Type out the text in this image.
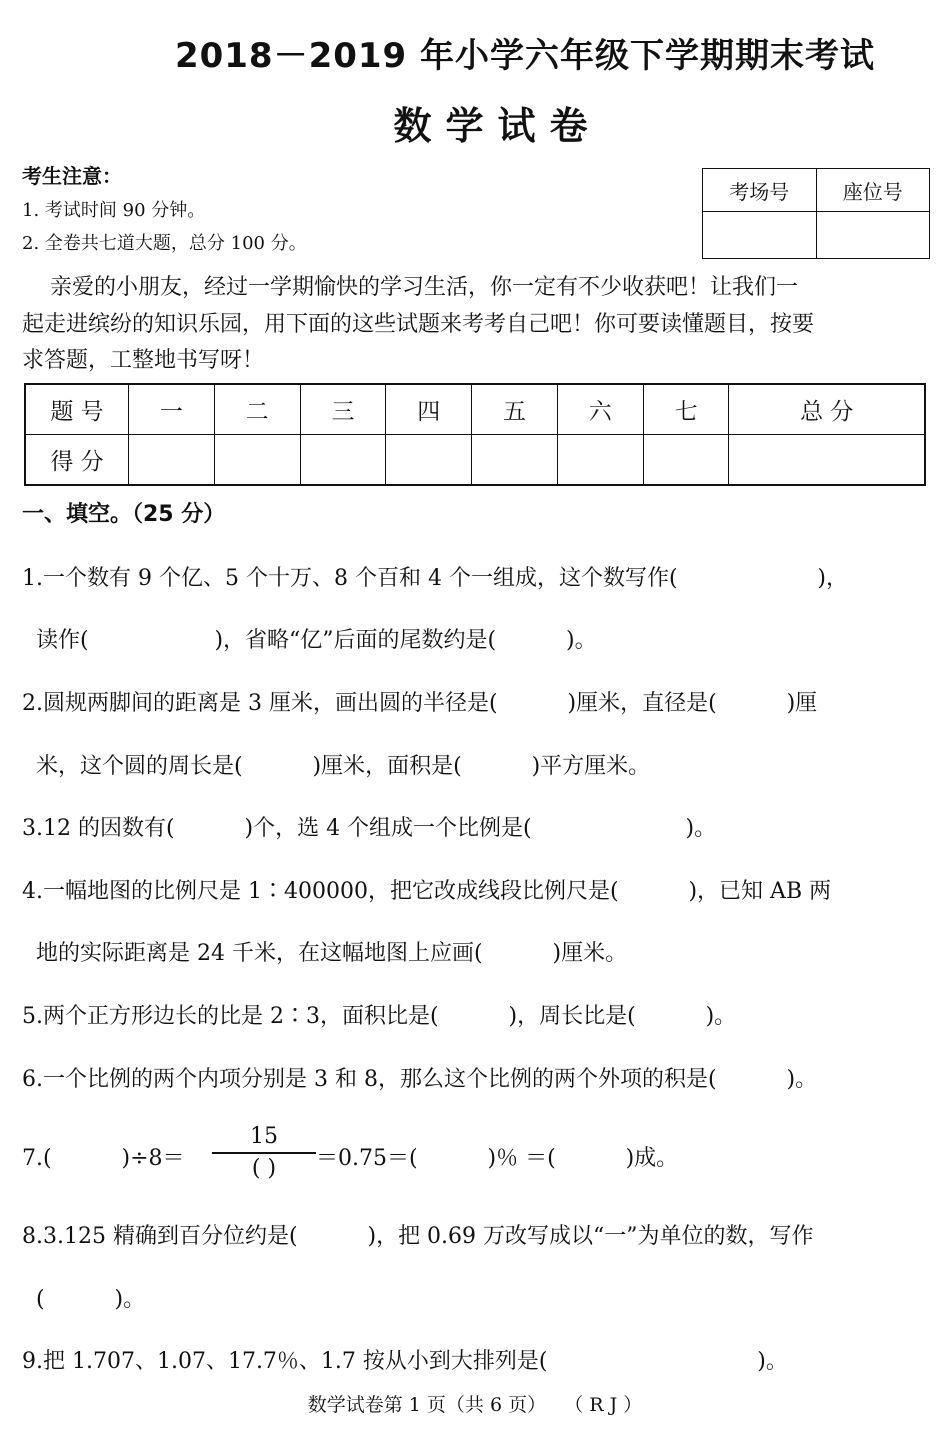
2018－2019 年小学六年级下学期期末考试
数学试卷
考生注意：
1. 考试时间 90 分钟。
2. 全卷共七道大题，总分 100 分。
考场号	座位号

亲爱的小朋友，经过一学期愉快的学习生活，你一定有不少收获吧！让我们一
起走进缤纷的知识乐园，用下面的这些试题来考考自己吧！你可要读懂题目，按要
求答题，工整地书写呀！
题 号	一	二	三	四	五	六	七	总 分
得 分								
一、填空。（25 分）
1.一个数有 9 个亿、5 个十万、8 个百和 4 个一组成，这个数写作(                    )，
读作(                  )，省略“亿”后面的尾数约是(          )。
2.圆规两脚间的距离是 3 厘米，画出圆的半径是(          )厘米，直径是(          )厘
米，这个圆的周长是(          )厘米，面积是(          )平方厘米。
3.12 的因数有(          )个，选 4 个组成一个比例是(                      )。
4.一幅地图的比例尺是 1∶400000，把它改成线段比例尺是(          )，已知 AB 两
地的实际距离是 24 千米，在这幅地图上应画(          )厘米。
5.两个正方形边长的比是 2∶3，面积比是(          )，周长比是(          )。
6.一个比例的两个内项分别是 3 和 8，那么这个比例的两个外项的积是(          )。
7.(          )÷8＝
15
( )	＝0.75＝(          )％ ＝(          )成。
8.3.125 精确到百分位约是(          )，把 0.69 万改写成以“一”为单位的数，写作
(          )。
9.把 1.707、1.07、17.7％、1.7 按从小到大排列是(                              )。
数学试卷第 1 页（共 6 页）   （ R J ）
